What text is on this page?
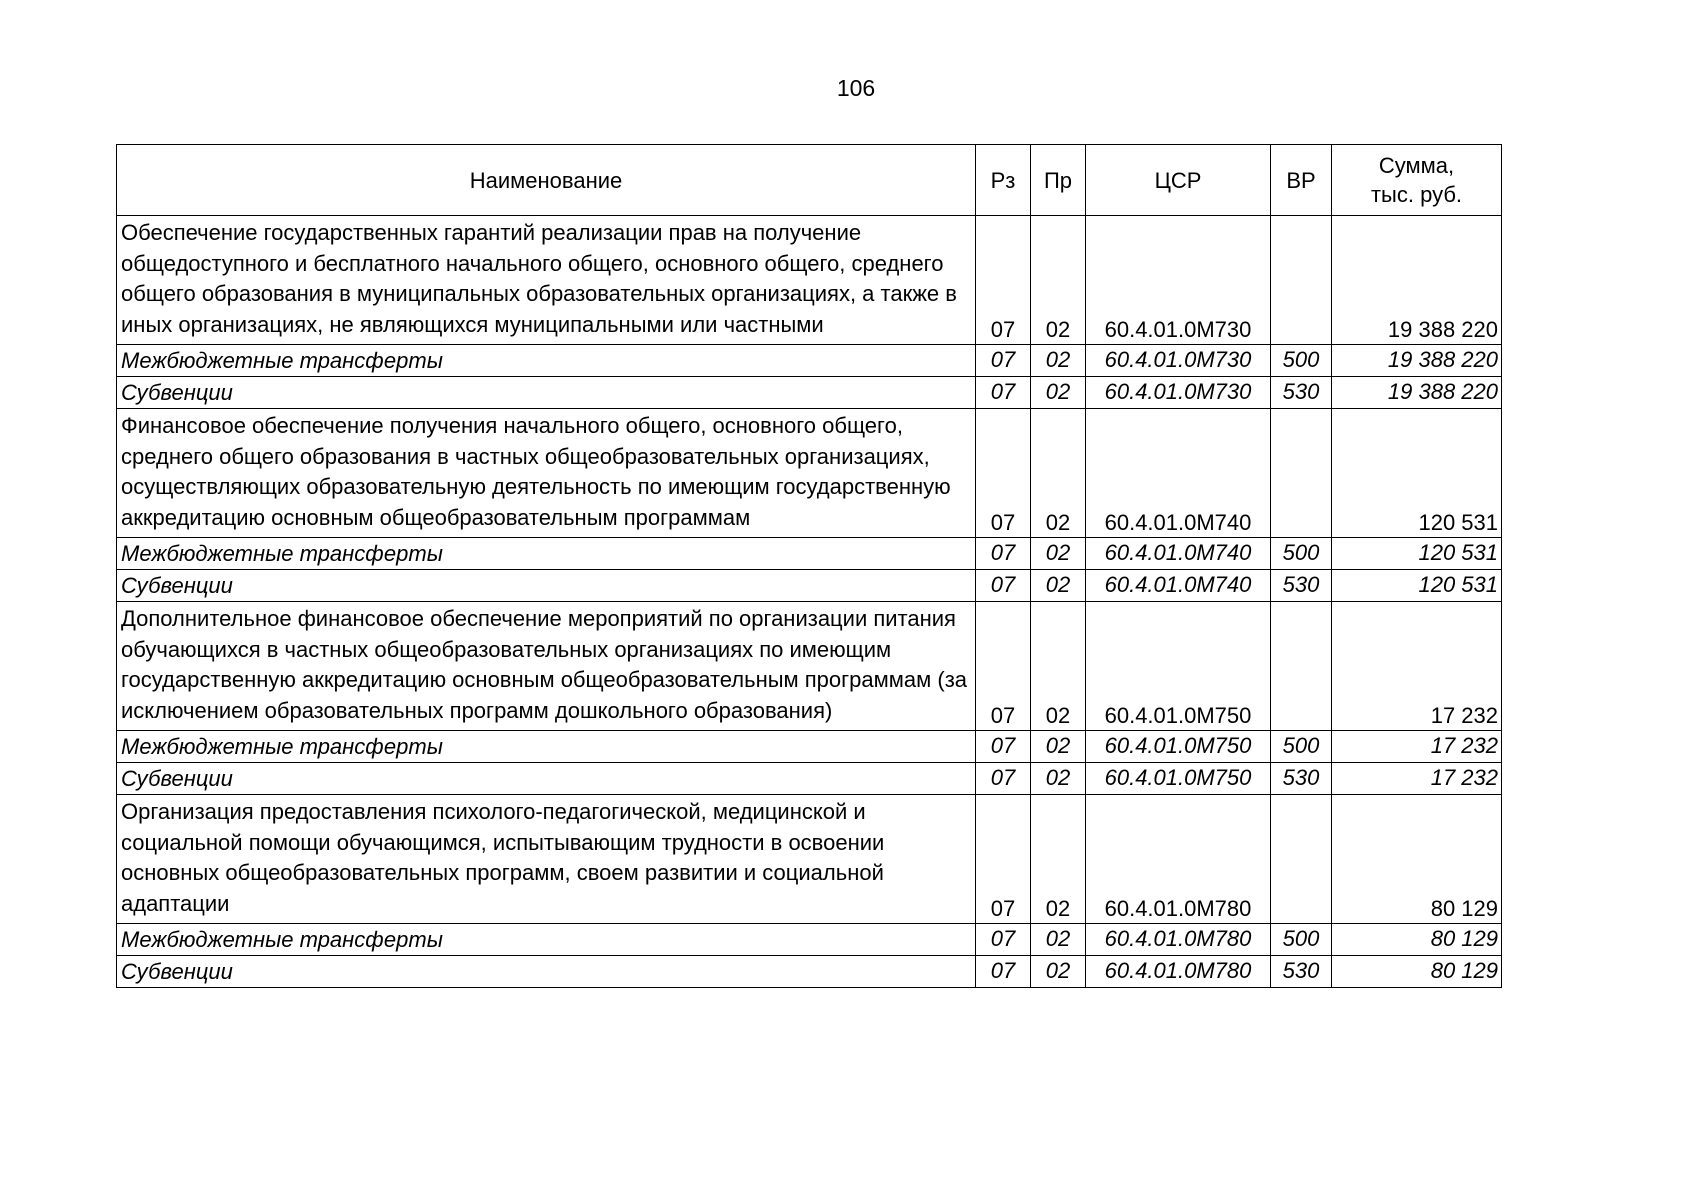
106
Наименование	Рз	Пр	ЦСР	ВР	Сумма,
тыс. руб.
Обеспечение государственных гарантий реализации прав на получение общедоступного и бесплатного начального общего, основного общего, среднего общего образования в муниципальных образовательных организациях, а также в иных организациях, не являющихся муниципальными или частными	07	02	60.4.01.0М730		19 388 220
Межбюджетные трансферты	07	02	60.4.01.0М730	500	19 388 220
Субвенции	07	02	60.4.01.0М730	530	19 388 220
Финансовое обеспечение получения начального общего, основного общего, среднего общего образования в частных общеобразовательных организациях, осуществляющих образовательную деятельность по имеющим государственную аккредитацию основным общеобразовательным программам	07	02	60.4.01.0М740		120 531
Межбюджетные трансферты	07	02	60.4.01.0М740	500	120 531
Субвенции	07	02	60.4.01.0М740	530	120 531
Дополнительное финансовое обеспечение мероприятий по организации питания обучающихся в частных общеобразовательных организациях по имеющим государственную аккредитацию основным общеобразовательным программам (за исключением образовательных программ дошкольного образования)	07	02	60.4.01.0М750		17 232
Межбюджетные трансферты	07	02	60.4.01.0М750	500	17 232
Субвенции	07	02	60.4.01.0М750	530	17 232
Организация предоставления психолого-педагогической, медицинской и социальной помощи обучающимся, испытывающим трудности в освоении основных общеобразовательных программ, своем развитии и социальной адаптации	07	02	60.4.01.0М780		80 129
Межбюджетные трансферты	07	02	60.4.01.0М780	500	80 129
Субвенции	07	02	60.4.01.0М780	530	80 129
